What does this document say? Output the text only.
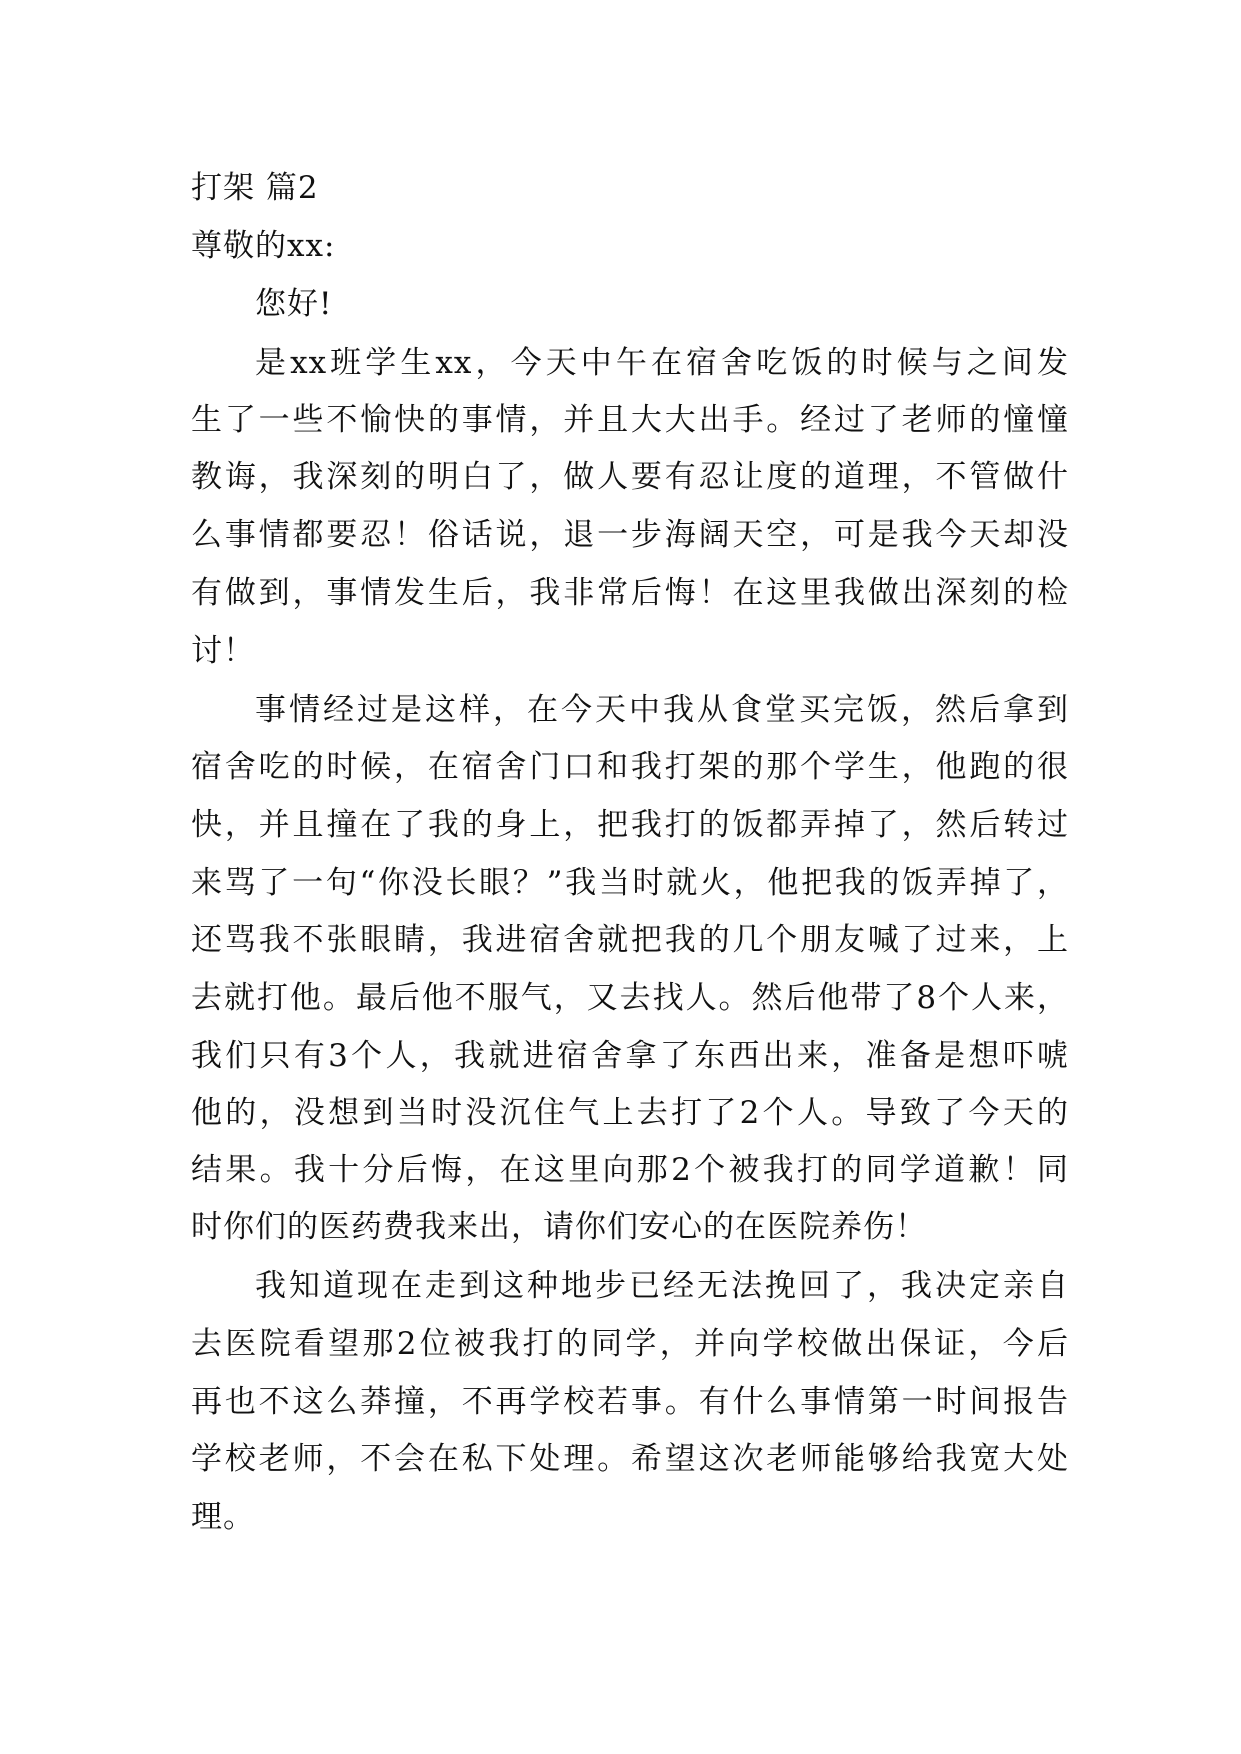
打架 篇2
尊敬的xx:
您好!
是xx班学生xx，今天中午在宿舍吃饭的时候与之间发
生了一些不愉快的事情，并且大大出手。经过了老师的憧憧
教诲，我深刻的明白了，做人要有忍让度的道理，不管做什
么事情都要忍！俗话说，退一步海阔天空，可是我今天却没
有做到，事情发生后，我非常后悔！在这里我做出深刻的检
讨！
事情经过是这样，在今天中我从食堂买完饭，然后拿到
宿舍吃的时候，在宿舍门口和我打架的那个学生，他跑的很
快，并且撞在了我的身上，把我打的饭都弄掉了，然后转过
来骂了一句“你没长眼？”我当时就火，他把我的饭弄掉了，
还骂我不张眼睛，我进宿舍就把我的几个朋友喊了过来，上
去就打他。最后他不服气，又去找人。然后他带了8个人来，
我们只有3个人，我就进宿舍拿了东西出来，准备是想吓唬
他的，没想到当时没沉住气上去打了2个人。导致了今天的
结果。我十分后悔，在这里向那2个被我打的同学道歉！同
时你们的医药费我来出，请你们安心的在医院养伤！
我知道现在走到这种地步已经无法挽回了，我决定亲自
去医院看望那2位被我打的同学，并向学校做出保证，今后
再也不这么莽撞，不再学校若事。有什么事情第一时间报告
学校老师，不会在私下处理。希望这次老师能够给我宽大处
理。
